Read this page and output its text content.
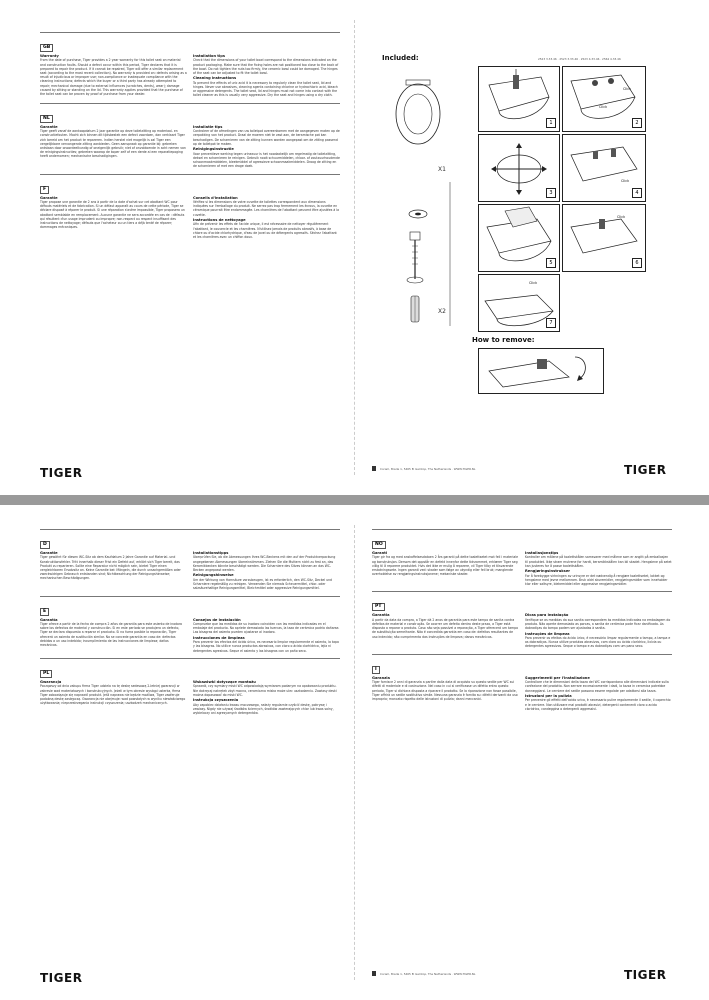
GB
Warranty

From the date of purchase, Tiger provides a 2 year warranty for this toilet seat on material and construction faults. Should a defect occur within this period, Tiger declares that it is prepared to repair the product. If it cannot be repaired, Tiger will offer a similar replacement seat (according to the most recent collection). No warranty is provided on: defects arising as a result of injudicious or improper use; non-compliance or inadequate compliance with the cleaning instructions; defects which the buyer or a third party has already attempted to repair; mechanical damage (due to external influences (scratches, dents), wear); damage caused by sitting or standing on the lid. This warranty applies provided that the purchase of the toilet seat can be proven by proof of purchase from your dealer.

Installation tips

Check that the dimensions of your toilet bowl correspond to the dimensions indicated on the product packaging. Make sure that the fixing holes are not positioned too close to the back of the bowl. Do not tighten the nuts too firmly, the ceramic bowl could be damaged. The hinges of the seat can be adjusted to fit the toilet bowl.

Cleaning instructions

To prevent the effects of uric acid it is necessary to regularly clean the toilet seat, lid and hinges. Never use abrasives, cleaning agents containing chlorine or hydrochloric acid, bleach or aggressive detergents. The toilet seat, lid and hinges must not come into contact with the toilet cleaner as this is usually very aggressive. Dry the seat and hinges using a dry cloth.

NL
Garantie

Tiger geeft vanaf de aankoopdatum 2 jaar garantie op deze toiletzitting op materiaal- en constructiefouten. Mocht zich binnen dit tijdsbestek een defect voordoen, dan verklaart Tiger zich bereid om het product te repareren. Indien herstel niet mogelijk is zal Tiger een vergelijkbare vervangende zitting aanbieden. Geen aanspraak op garantie bij: gebreken ontstaan door onoordeelkundig of oneigenlijk gebruik; niet of onvoldoende in acht nemen van de reinigingsinstructies; gebreken waarop de koper zelf of een derde al een reparatiepoging heeft ondernomen; mechanische beschadigingen.

Installatie tips

Controleer of de afmetingen van uw toiletpot overeenkomen met de aangegeven maten op de verpakking van het product. Draai de moeren niet te vast aan, de keramische pot kan beschadigen. De scharnieren van de zitting kunnen worden aangepast om de zitting passend op de toiletpot te maken.

Reinigingsinstructie

Voor preventieve werking tegen urinezuur is het noodzakelijk om regelmatig de toiletzitting, deksel en scharnieren te reinigen. Gebruik nooit schuurmiddelen, chloor- of zoutzuurhoudende schoonmaakmiddelen, bleekmiddel of agressieve schoonmaakmiddelen. Droog de zitting en de scharnieren af met een droge doek.

F
Garantie

Tiger propose une garantie de 2 ans à partir de la date d'achat sur cet abattant WC pour défauts matériels et de fabrication. Si un défaut apparaît au cours de cette période, Tiger se déclare disposé à réparer le produit. Si une réparation s'avère impossible, Tiger proposera un abattant semblable en remplacement. Aucune garantie ne sera accordée en cas de : défauts qui résultent d'un usage imprudent ou impropre; non-respect ou respect insuffisant des instructions de nettoyage; défauts que l'acheteur ou un tiers a déjà tenté de réparer; dommages mécaniques.

Conseils d'installation

Vérifiez si les dimensions de votre cuvette de toilettes correspondent aux dimensions indiquées sur l'emballage du produit. Ne serrez pas trop fermement les écrous, la cuvette en céramique pourrait être endommagée. Les charnières de l'abattant peuvent être ajustées à la cuvette.

Instructions de nettoyage

Afin de prévenir les effets de l'acide urique, il est nécessaire de nettoyer régulièrement l'abattant, le couvercle et les charnières. N'utilisez jamais de produits abrasifs, à base de chlore ou d'acide chlorhydrique, d'eau de javel ou de détergents agressifs. Séchez l'abattant et les charnières avec un chiffon doux.

TIGER
Included:	2523 3.33.46 · 2523 3.33.46 · 2523 4.33.46 · 2564 4.33.46
X1
X2
1
Click
Click
2
3
Click
4
5
Click
6
Click
7
How to remove:
Coram, Brede 1, 5465 Ei Geldrop, The Netherlands · WWW.TIGER.NL	TIGER
D
Garantie

Tiger gewährt für diesen WC-Sitz ab dem Kaufdatum 2 Jahre Garantie auf Material- und Konstruktionsfehler. Tritt innerhalb dieser Frist ein Defekt auf, erklärt sich Tiger bereit, das Produkt zu reparieren. Sollte eine Reparatur nicht möglich sein, bietet Tiger einen vergleichbaren Ersatzsitz an. Keine Garantie bei: Mängeln, die durch unsachgemäßen oder zweckwidrigen Gebrauch entstanden sind; Nichtbeachtung der Reinigungshinweise; mechanischen Beschädigungen.

Installationstipps

Überprüfen Sie, ob die Abmessungen Ihres WC-Beckens mit den auf der Produktverpackung angegebenen Abmessungen übereinstimmen. Ziehen Sie die Muttern nicht zu fest an, das Keramikbecken könnte beschädigt werden. Die Scharniere des Sitzes können an das WC-Becken angepasst werden.

Reinigungshinweise

Um der Wirkung von Harnsäure vorzubeugen, ist es erforderlich, den WC-Sitz, Deckel und Scharniere regelmäßig zu reinigen. Verwenden Sie niemals Scheuermittel, chlor- oder salzsäurehaltige Reinigungsmittel, Bleichmittel oder aggressive Reinigungsmittel.

E
Garantía

Tiger ofrece a partir de la fecha de compra 2 años de garantía para este asiento de inodoro sobre los defectos de material y construcción. Si en este período se produjera un defecto, Tiger se declara dispuesto a reparar el producto. Si no fuera posible la reparación, Tiger ofrecerá un asiento de sustitución similar. No se concede garantía en caso de: defectos debidos a un uso indebido; incumplimiento de las instrucciones de limpieza; daños mecánicos.

Consejos de instalación

Compruebe que las medidas de su inodoro coinciden con las medidas indicadas en el embalaje del producto. No apriete demasiado las tuercas, la taza de cerámica podría dañarse. Las bisagras del asiento pueden ajustarse al inodoro.

Instrucciones de limpieza

Para prevenir los efectos del ácido úrico, es necesario limpiar regularmente el asiento, la tapa y las bisagras. No utilice nunca productos abrasivos, con cloro o ácido clorhídrico, lejía ni detergentes agresivos. Seque el asiento y las bisagras con un paño seco.

PL
Gwarancja

Począwszy od dnia zakupu firma Tiger udziela na tę deskę sedesową 2-letniej gwarancji w zakresie wad materiałowych i konstrukcyjnych. Jeżeli w tym okresie wystąpi usterka, firma Tiger zobowiązuje się naprawić produkt. Jeśli naprawa nie będzie możliwa, Tiger zaoferuje podobną deskę zastępczą. Gwarancja nie obejmuje: wad powstałych w wyniku niewłaściwego użytkowania; nieprzestrzegania instrukcji czyszczenia; uszkodzeń mechanicznych.

Wskazówki dotyczące montażu

Sprawdź, czy wymiary miski WC odpowiadają wymiarom podanym na opakowaniu produktu. Nie dokręcaj nakrętek zbyt mocno, ceramiczna miska może ulec uszkodzeniu. Zawiasy deski można dopasować do miski WC.

Instrukcja czyszczenia

Aby zapobiec działaniu kwasu moczowego, należy regularnie czyścić deskę, pokrywę i zawiasy. Nigdy nie używaj środków ściernych, środków zawierających chlor lub kwas solny, wybielaczy ani agresywnych detergentów.

NO
Garanti

Tiger gir fra og med anskaffelsesdatoen 2 års garanti på dette toalettsetet mot feil i materiale og konstruksjon. Dersom det oppstår en defekt innenfor dette tidsrommet, erklærer Tiger seg villig til å reparere produktet. Hvis det ikke er mulig å reparere, vil Tiger tilby et tilsvarende erstatningssete. Ingen garanti ved: skader som følge av ukyndig eller feil bruk; manglende overholdelse av rengjøringsinstruksjonene; mekaniske skader.

Installasjonstips

Kontroller om målene på toalettskålen samsvarer med målene som er angitt på emballasjen til produktet. Ikke stram mutrene for hardt, keramikkskålen kan bli skadet. Hengslene på setet kan justeres for å passe toalettskålen.

Rengjøringsinstrukser

For å forebygge virkningen av urinsyre er det nødvendig å rengjøre toalettsetet, lokket og hengslene med jevne mellomrom. Bruk aldri skuremidler, rengjøringsmidler som inneholder klor eller saltsyre, blekemiddel eller aggressive rengjøringsmidler.

PT
Garantia

A partir da data da compra, a Tiger dá 2 anos de garantia para este tampo de sanita contra defeitos de material e construção. Se ocorrer um defeito dentro deste prazo, a Tiger está disposta a reparar o produto. Caso não seja possível a reparação, a Tiger oferecerá um tampo de substituição semelhante. Não é concedida garantia em caso de: defeitos resultantes de uso indevido; não cumprimento das instruções de limpeza; danos mecânicos.

Dicas para instalação

Verifique se as medidas da sua sanita correspondem às medidas indicadas na embalagem do produto. Não aperte demasiado as porcas, a sanita de cerâmica pode ficar danificada. As dobradiças do tampo podem ser ajustadas à sanita.

Instruções de limpeza

Para prevenir os efeitos do ácido úrico, é necessário limpar regularmente o tampo, a tampa e as dobradiças. Nunca utilize produtos abrasivos, com cloro ou ácido clorídrico, lixívia ou detergentes agressivos. Seque o tampo e as dobradiças com um pano seco.

I
Garanzia

Tiger fornisce 2 anni di garanzia a partire dalla data di acquisto su questo sedile per WC sui difetti di materiale e di costruzione. Nel caso in cui si verificasse un difetto entro questo periodo, Tiger si dichiara disposta a riparare il prodotto. Se la riparazione non fosse possibile, Tiger offrirà un sedile sostitutivo simile. Nessuna garanzia è fornita su: difetti derivanti da uso improprio; mancato rispetto delle istruzioni di pulizia; danni meccanici.

Suggerimenti per l'installazione

Controllare che le dimensioni della tazza del WC corrispondano alle dimensioni indicate sulla confezione del prodotto. Non serrare eccessivamente i dadi, la tazza in ceramica potrebbe danneggiarsi. Le cerniere del sedile possono essere regolate per adattarsi alla tazza.

Istruzioni per la pulizia

Per prevenire gli effetti dell'acido urico, è necessario pulire regolarmente il sedile, il coperchio e le cerniere. Non utilizzare mai prodotti abrasivi, detergenti contenenti cloro o acido cloridrico, candeggina o detergenti aggressivi.

TIGER	Coram, Brede 1, 5465 Ei Geldrop, The Netherlands · WWW.TIGER.NL	TIGER
